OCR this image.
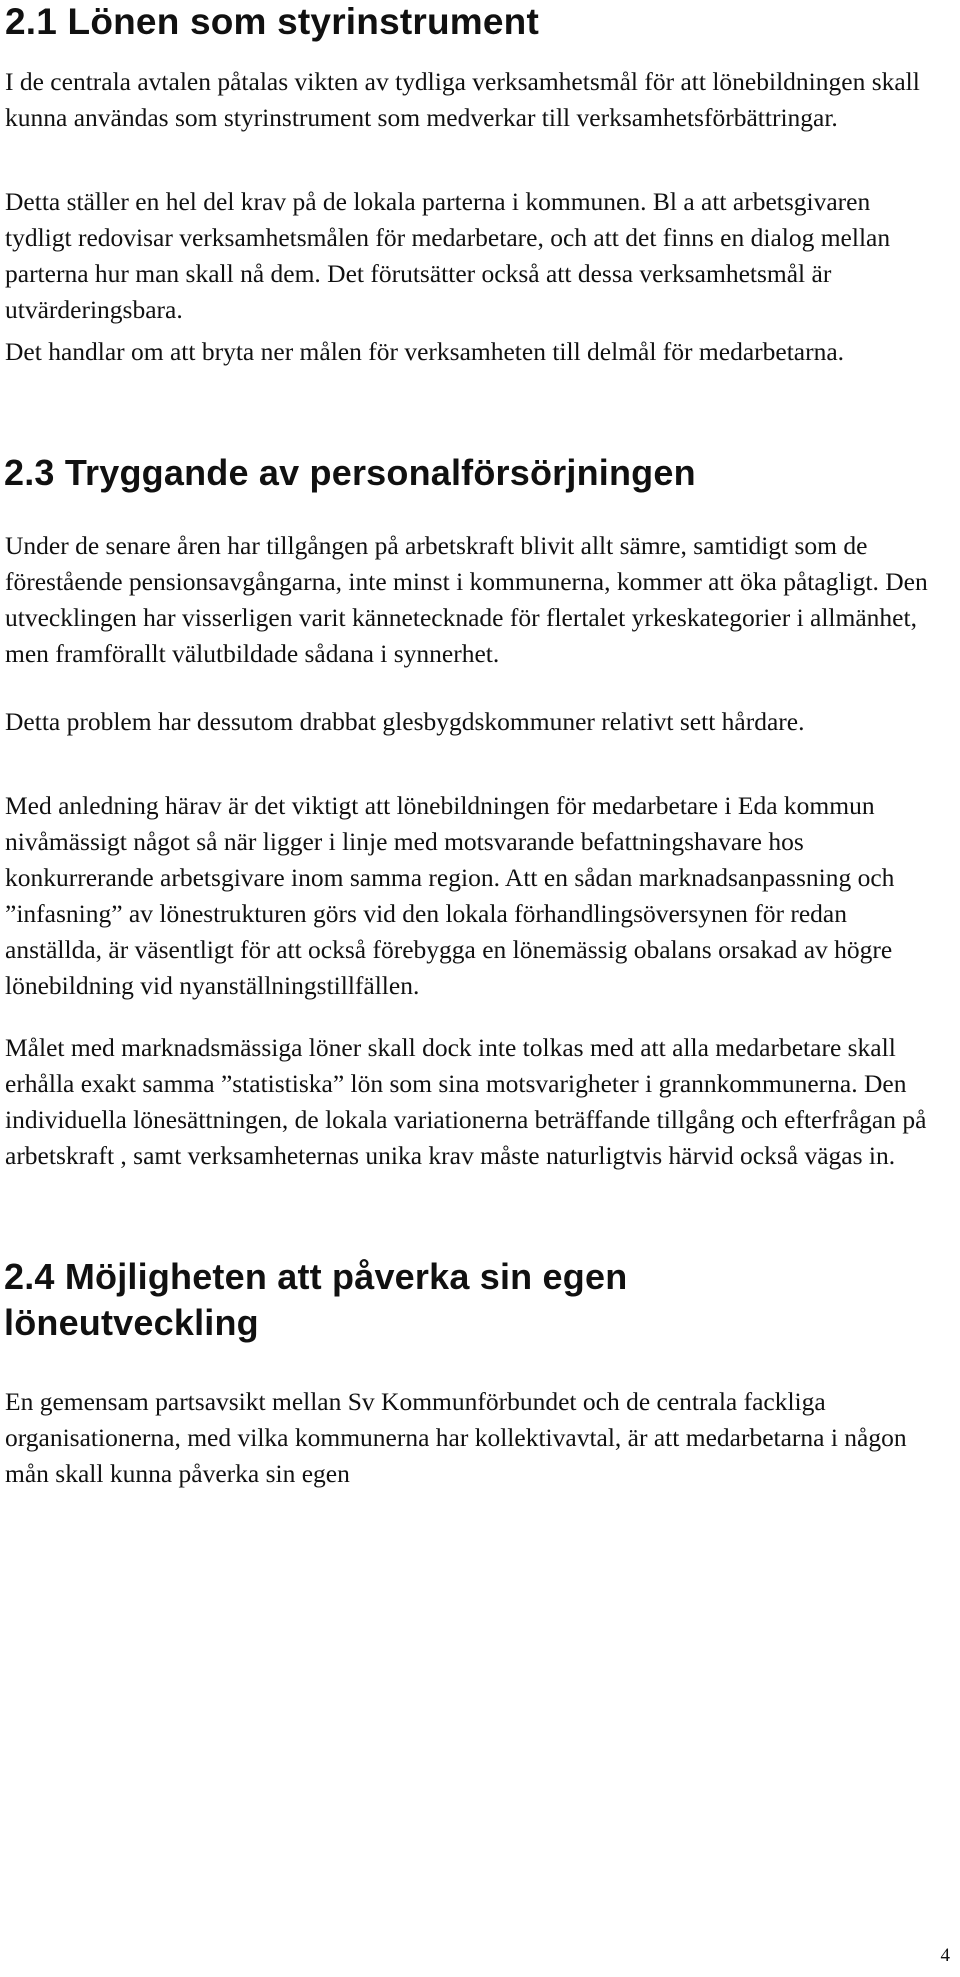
2.1 Lönen som styrinstrument

I de centrala avtalen påtalas vikten av tydliga verksamhetsmål för att lönebildningen skall kunna användas som styrinstrument som medverkar till verksamhetsförbättringar.

Detta ställer en hel del krav på de lokala parterna i kommunen. Bl a att arbetsgivaren tydligt redovisar verksamhetsmålen för medarbetare, och att det finns en dialog mellan parterna hur man skall nå dem. Det förutsätter också att dessa verksamhetsmål är utvärderingsbara.

Det handlar om att bryta ner målen för verksamheten till delmål för medarbetarna.

2.3 Tryggande av personalförsörjningen

Under de senare åren har tillgången på arbetskraft blivit allt sämre, samtidigt som de förestående pensionsavgångarna, inte minst i kommunerna, kommer att öka påtagligt. Den utvecklingen har visserligen varit kännetecknade för flertalet yrkeskategorier i allmänhet, men framförallt välutbildade sådana i synnerhet.

Detta problem har dessutom drabbat glesbygdskommuner relativt sett hårdare.

Med anledning härav är det viktigt att lönebildningen för medarbetare i Eda kommun nivåmässigt något så när ligger i linje med motsvarande befattningshavare hos konkurrerande arbetsgivare inom samma region. Att en sådan marknadsanpassning och ”infasning” av lönestrukturen görs vid den lokala förhandlingsöversynen för redan anställda, är väsentligt för att också förebygga en lönemässig obalans orsakad av högre lönebildning vid nyanställningstillfällen.

Målet med marknadsmässiga löner skall dock inte tolkas med att alla medarbetare skall erhålla exakt samma ”statistiska” lön som sina motsvarigheter i grannkommunerna. Den individuella lönesättningen, de lokala variationerna beträffande tillgång och efterfrågan på arbetskraft , samt verksamheternas unika krav måste naturligtvis härvid också vägas in.

2.4 Möjligheten att påverka sin egen
löneutveckling

En gemensam partsavsikt mellan Sv Kommunförbundet och de centrala fackliga organisationerna, med vilka kommunerna har kollektivavtal, är att medarbetarna i någon mån skall kunna påverka sin egen

4
